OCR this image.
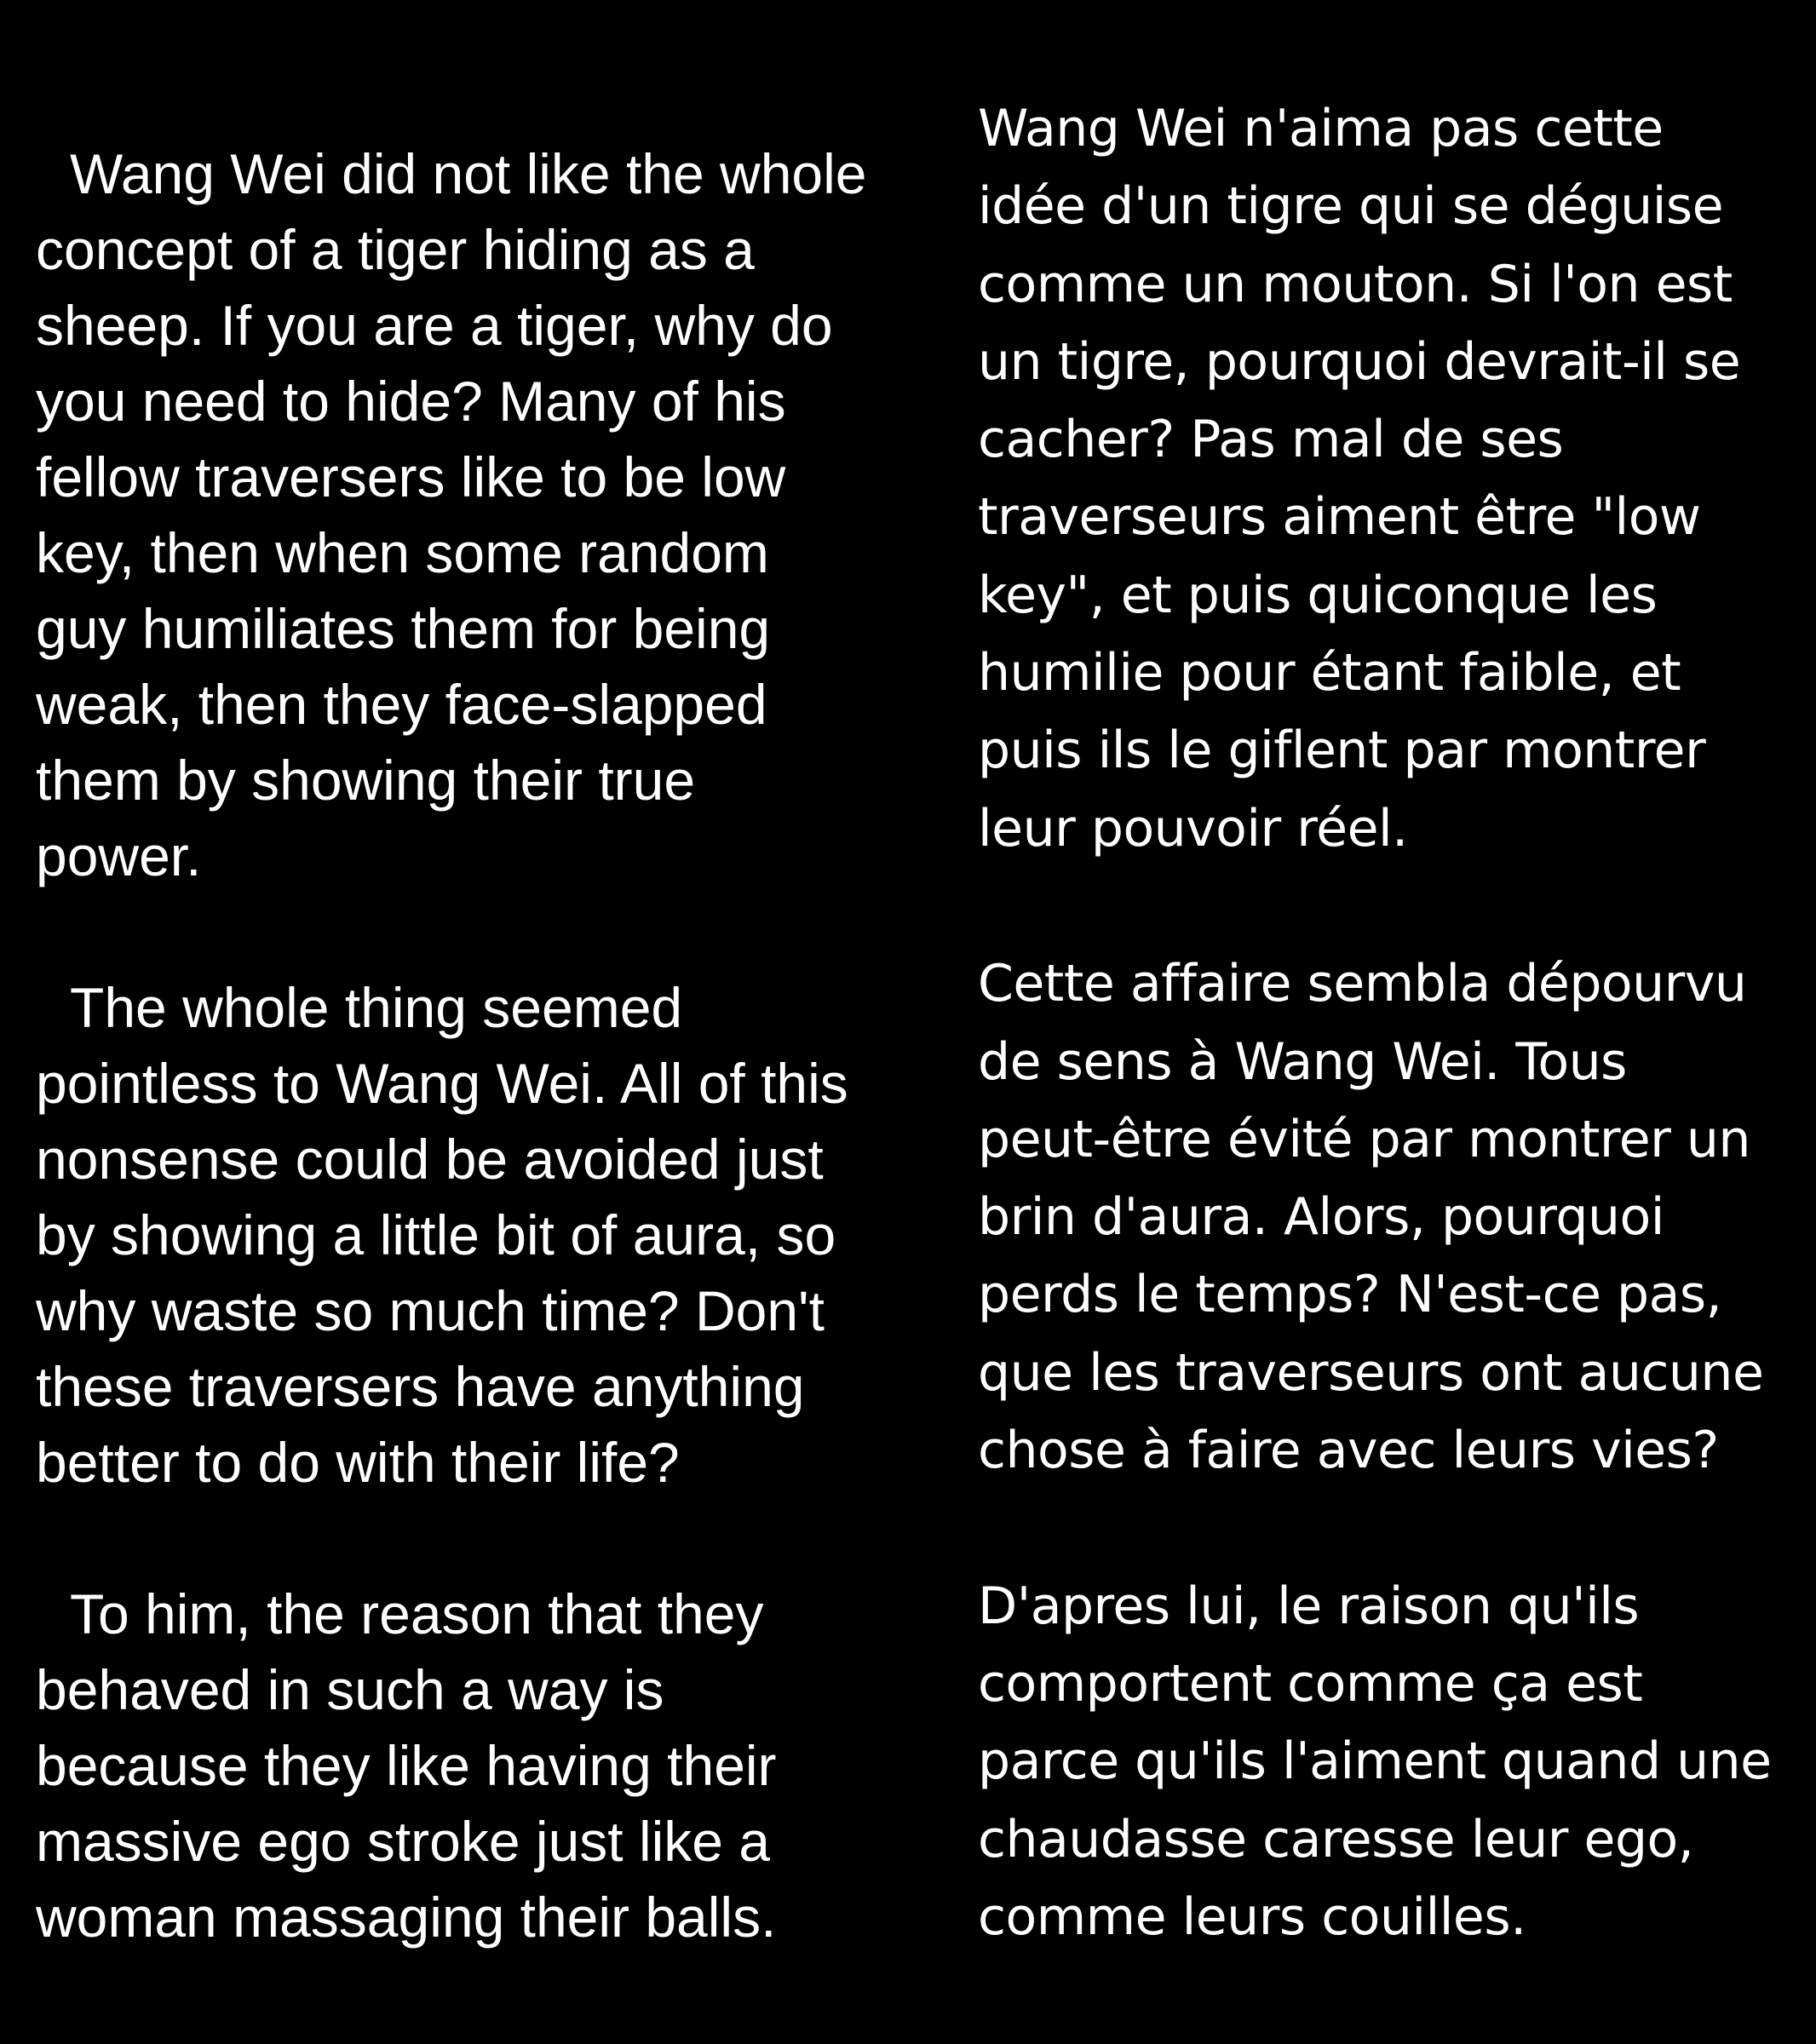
Wang Wei did not like the whole
concept of a tiger hiding as a
sheep. If you are a tiger, why do
you need to hide? Many of his
fellow traversers like to be low
key, then when some random
guy humiliates them for being
weak, then they face-slapped
them by showing their true
power.

The whole thing seemed
pointless to Wang Wei. All of this
nonsense could be avoided just
by showing a little bit of aura, so
why waste so much time? Don't
these traversers have anything
better to do with their life?

To him, the reason that they
behaved in such a way is
because they like having their
massive ego stroke just like a
woman massaging their balls.

Wang Wei n'aima pas cette
idée d'un tigre qui se déguise
comme un mouton. Si l'on est
un tigre, pourquoi devrait-il se
cacher? Pas mal de ses
traverseurs aiment être "low
key", et puis quiconque les
humilie pour étant faible, et
puis ils le giflent par montrer
leur pouvoir réel.

Cette affaire sembla dépourvu
de sens à Wang Wei. Tous
peut-être évité par montrer un
brin d'aura. Alors, pourquoi
perds le temps? N'est-ce pas,
que les traverseurs ont aucune
chose à faire avec leurs vies?

D'apres lui, le raison qu'ils
comportent comme ça est
parce qu'ils l'aiment quand une
chaudasse caresse leur ego,
comme leurs couilles.
